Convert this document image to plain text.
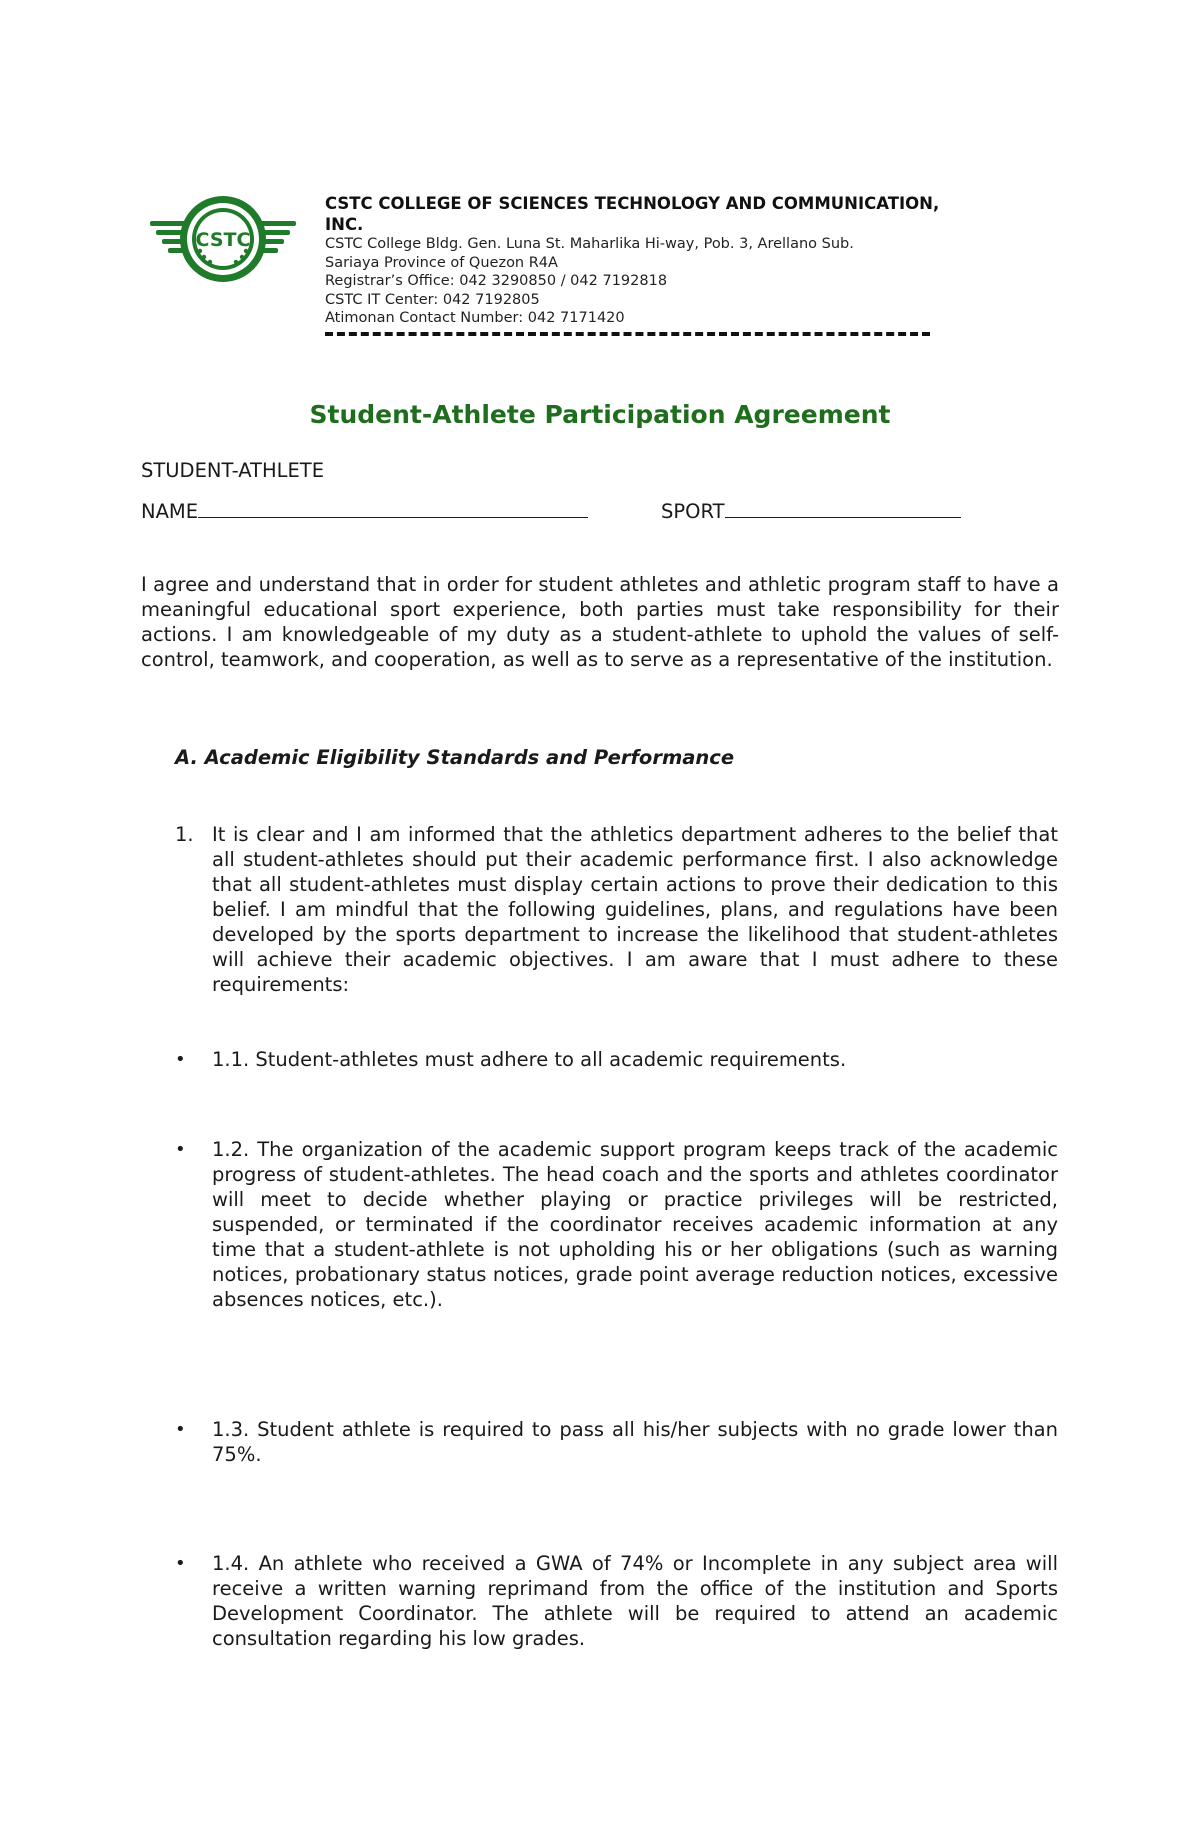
CSTC
CSTC COLLEGE OF SCIENCES TECHNOLOGY AND COMMUNICATION, INC.
CSTC College Bldg. Gen. Luna St. Maharlika Hi-way, Pob. 3, Arellano Sub.
Sariaya Province of Quezon R4A
Registrar’s Office: 042 3290850 / 042 7192818
CSTC IT Center: 042 7192805
Atimonan Contact Number: 042 7171420
Student-Athlete Participation Agreement
STUDENT-ATHLETE
NAME	SPORT
I agree and understand that in order for student athletes and athletic program staff to have a meaningful educational sport experience, both parties must take responsibility for their actions. I am knowledgeable of my duty as a student-athlete to uphold the values of self-control, teamwork, and cooperation, as well as to serve as a representative of the institution.
A. Academic Eligibility Standards and Performance
1. It is clear and I am informed that the athletics department adheres to the belief that all student-athletes should put their academic performance first. I also acknowledge that all student-athletes must display certain actions to prove their dedication to this belief. I am mindful that the following guidelines, plans, and regulations have been developed by the sports department to increase the likelihood that student-athletes will achieve their academic objectives. I am aware that I must adhere to these requirements:
• 1.1. Student-athletes must adhere to all academic requirements.
• 1.2. The organization of the academic support program keeps track of the academic progress of student-athletes. The head coach and the sports and athletes coordinator will meet to decide whether playing or practice privileges will be restricted, suspended, or terminated if the coordinator receives academic information at any time that a student-athlete is not upholding his or her obligations (such as warning notices, probationary status notices, grade point average reduction notices, excessive absences notices, etc.).
• 1.3. Student athlete is required to pass all his/her subjects with no grade lower than 75%.
• 1.4. An athlete who received a GWA of 74% or Incomplete in any subject area will receive a written warning reprimand from the office of the institution and Sports Development Coordinator. The athlete will be required to attend an academic consultation regarding his low grades.
